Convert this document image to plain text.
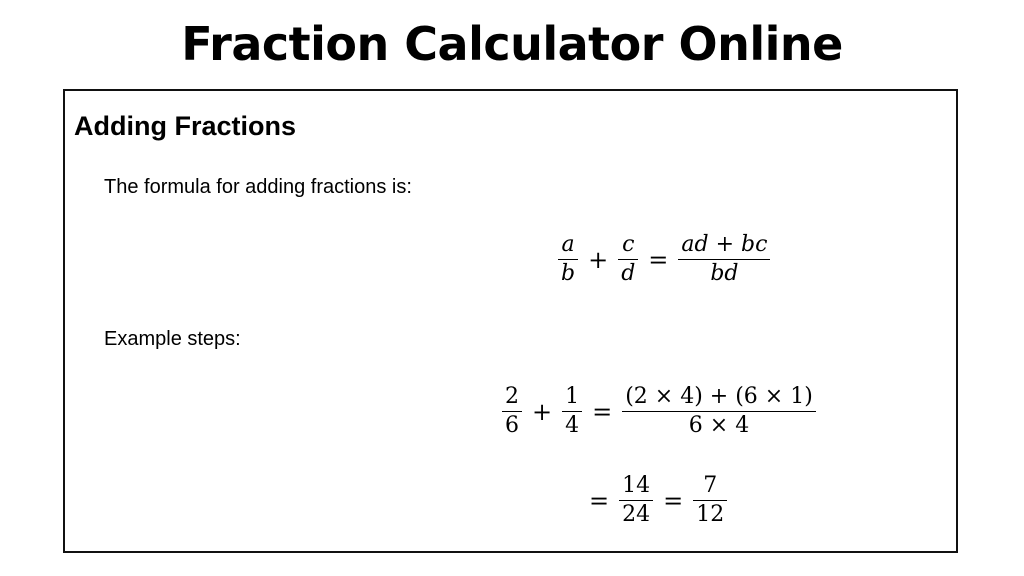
Fraction Calculator Online
Adding Fractions

The formula for adding fractions is:

$\frac{a}{b} + \frac{c}{d} = \frac{ad + bc}{bd}$

Example steps:

$\frac{2}{6} + \frac{1}{4} = \frac{(2 \times 4) + (6 \times 1)}{6 \times 4}$
= $\frac{14}{24} = \frac{7}{12}$
